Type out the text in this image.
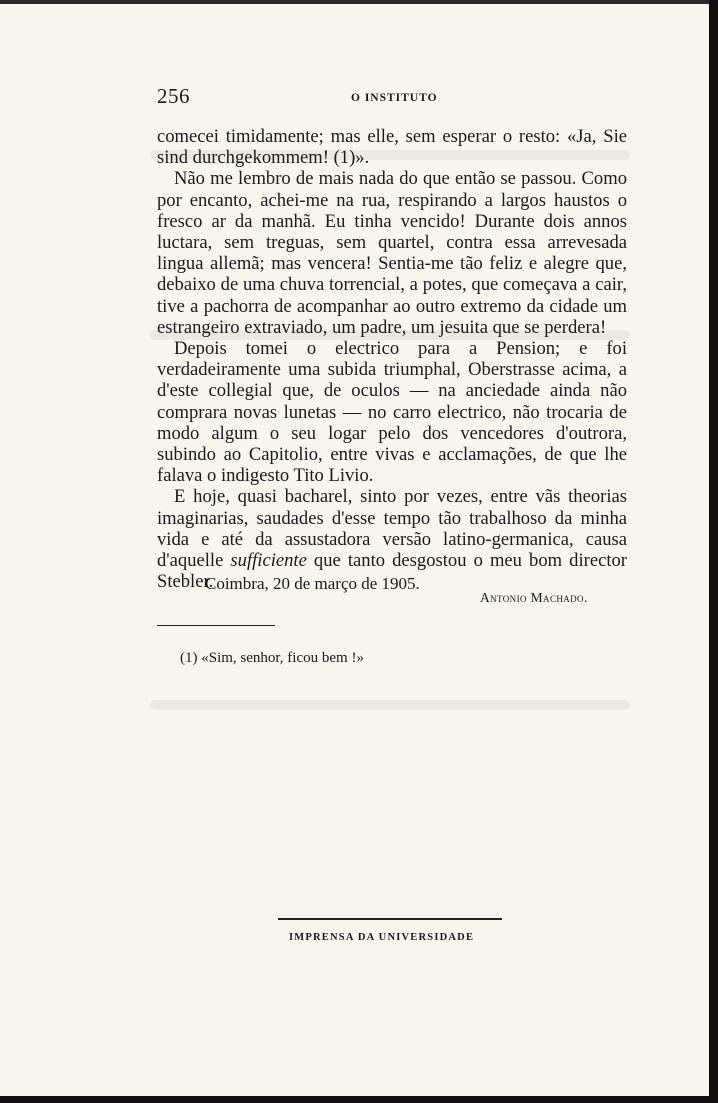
256	O INSTITUTO

comecei timidamente; mas elle, sem esperar o resto: «Ja, Sie sind durchgekommem! (1)».

Não me lembro de mais nada do que então se passou. Como por encanto, achei-me na rua, respirando a largos haustos o fresco ar da manhã. Eu tinha vencido! Durante dois annos luctara, sem treguas, sem quartel, contra essa arrevesada lingua allemã; mas vencera! Sentia-me tão feliz e alegre que, debaixo de uma chuva torrencial, a potes, que começava a cair, tive a pachorra de acompanhar ao outro extremo da cidade um estrangeiro extraviado, um padre, um jesuita que se perdera!

Depois tomei o electrico para a Pension; e foi verdadeiramente uma subida triumphal, Oberstrasse acima, a d'este collegial que, de oculos — na anciedade ainda não comprara novas lunetas — no carro electrico, não trocaria de modo algum o seu logar pelo dos vencedores d'outrora, subindo ao Capitolio, entre vivas e acclamações, de que lhe falava o indigesto Tito Livio.

E hoje, quasi bacharel, sinto por vezes, entre vãs theorias imaginarias, saudades d'esse tempo tão trabalhoso da minha vida e até da assustadora versão latino-germanica, causa d'aquelle sufficiente que tanto desgostou o meu bom director Stebler.

Coimbra, 20 de março de 1905.
Antonio Machado.
(1) «Sim, senhor, ficou bem !»
IMPRENSA DA UNIVERSIDADE
